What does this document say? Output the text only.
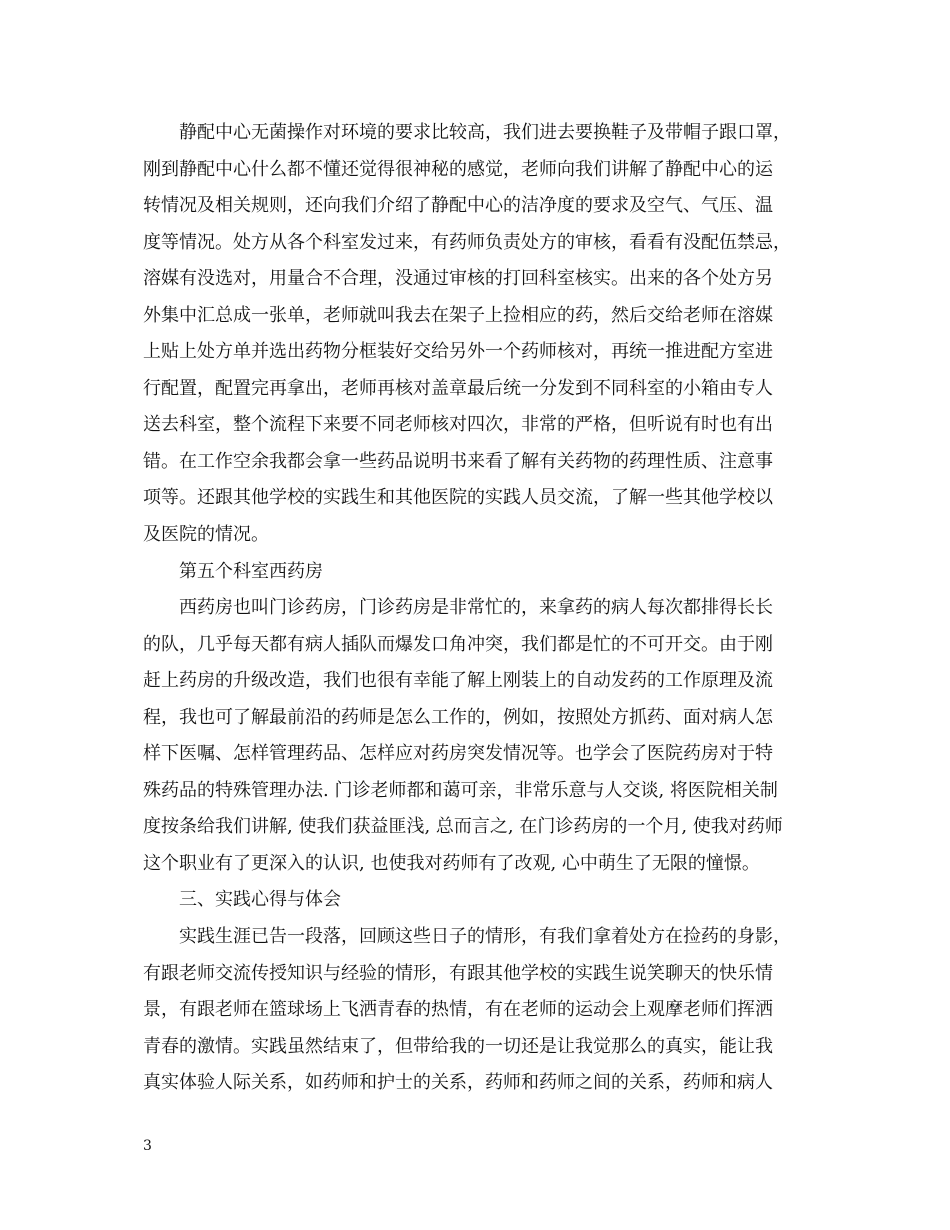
静配中心无菌操作对环境的要求比较高，我们进去要换鞋子及带帽子跟口罩，
刚到静配中心什么都不懂还觉得很神秘的感觉，老师向我们讲解了静配中心的运
转情况及相关规则，还向我们介绍了静配中心的洁净度的要求及空气、气压、温
度等情况。处方从各个科室发过来，有药师负责处方的审核，看看有没配伍禁忌，
溶媒有没选对，用量合不合理，没通过审核的打回科室核实。出来的各个处方另
外集中汇总成一张单，老师就叫我去在架子上捡相应的药，然后交给老师在溶媒
上贴上处方单并选出药物分框装好交给另外一个药师核对，再统一推进配方室进
行配置，配置完再拿出，老师再核对盖章最后统一分发到不同科室的小箱由专人
送去科室，整个流程下来要不同老师核对四次，非常的严格，但听说有时也有出
错。在工作空余我都会拿一些药品说明书来看了解有关药物的药理性质、注意事
项等。还跟其他学校的实践生和其他医院的实践人员交流，了解一些其他学校以
及医院的情况。
第五个科室西药房
西药房也叫门诊药房，门诊药房是非常忙的，来拿药的病人每次都排得长长
的队，几乎每天都有病人插队而爆发口角冲突，我们都是忙的不可开交。由于刚
赶上药房的升级改造，我们也很有幸能了解上刚装上的自动发药的工作原理及流
程，我也可了解最前沿的药师是怎么工作的，例如，按照处方抓药、面对病人怎
样下医嘱、怎样管理药品、怎样应对药房突发情况等。也学会了医院药房对于特
殊药品的特殊管理办法. 门诊老师都和蔼可亲，非常乐意与人交谈, 将医院相关制
度按条给我们讲解, 使我们获益匪浅, 总而言之, 在门诊药房的一个月, 使我对药师
这个职业有了更深入的认识, 也使我对药师有了改观, 心中萌生了无限的憧憬。
三、实践心得与体会
实践生涯已告一段落，回顾这些日子的情形，有我们拿着处方在捡药的身影，
有跟老师交流传授知识与经验的情形，有跟其他学校的实践生说笑聊天的快乐情
景，有跟老师在篮球场上飞洒青春的热情，有在老师的运动会上观摩老师们挥洒
青春的激情。实践虽然结束了，但带给我的一切还是让我觉那么的真实，能让我
真实体验人际关系，如药师和护士的关系，药师和药师之间的关系，药师和病人
3
